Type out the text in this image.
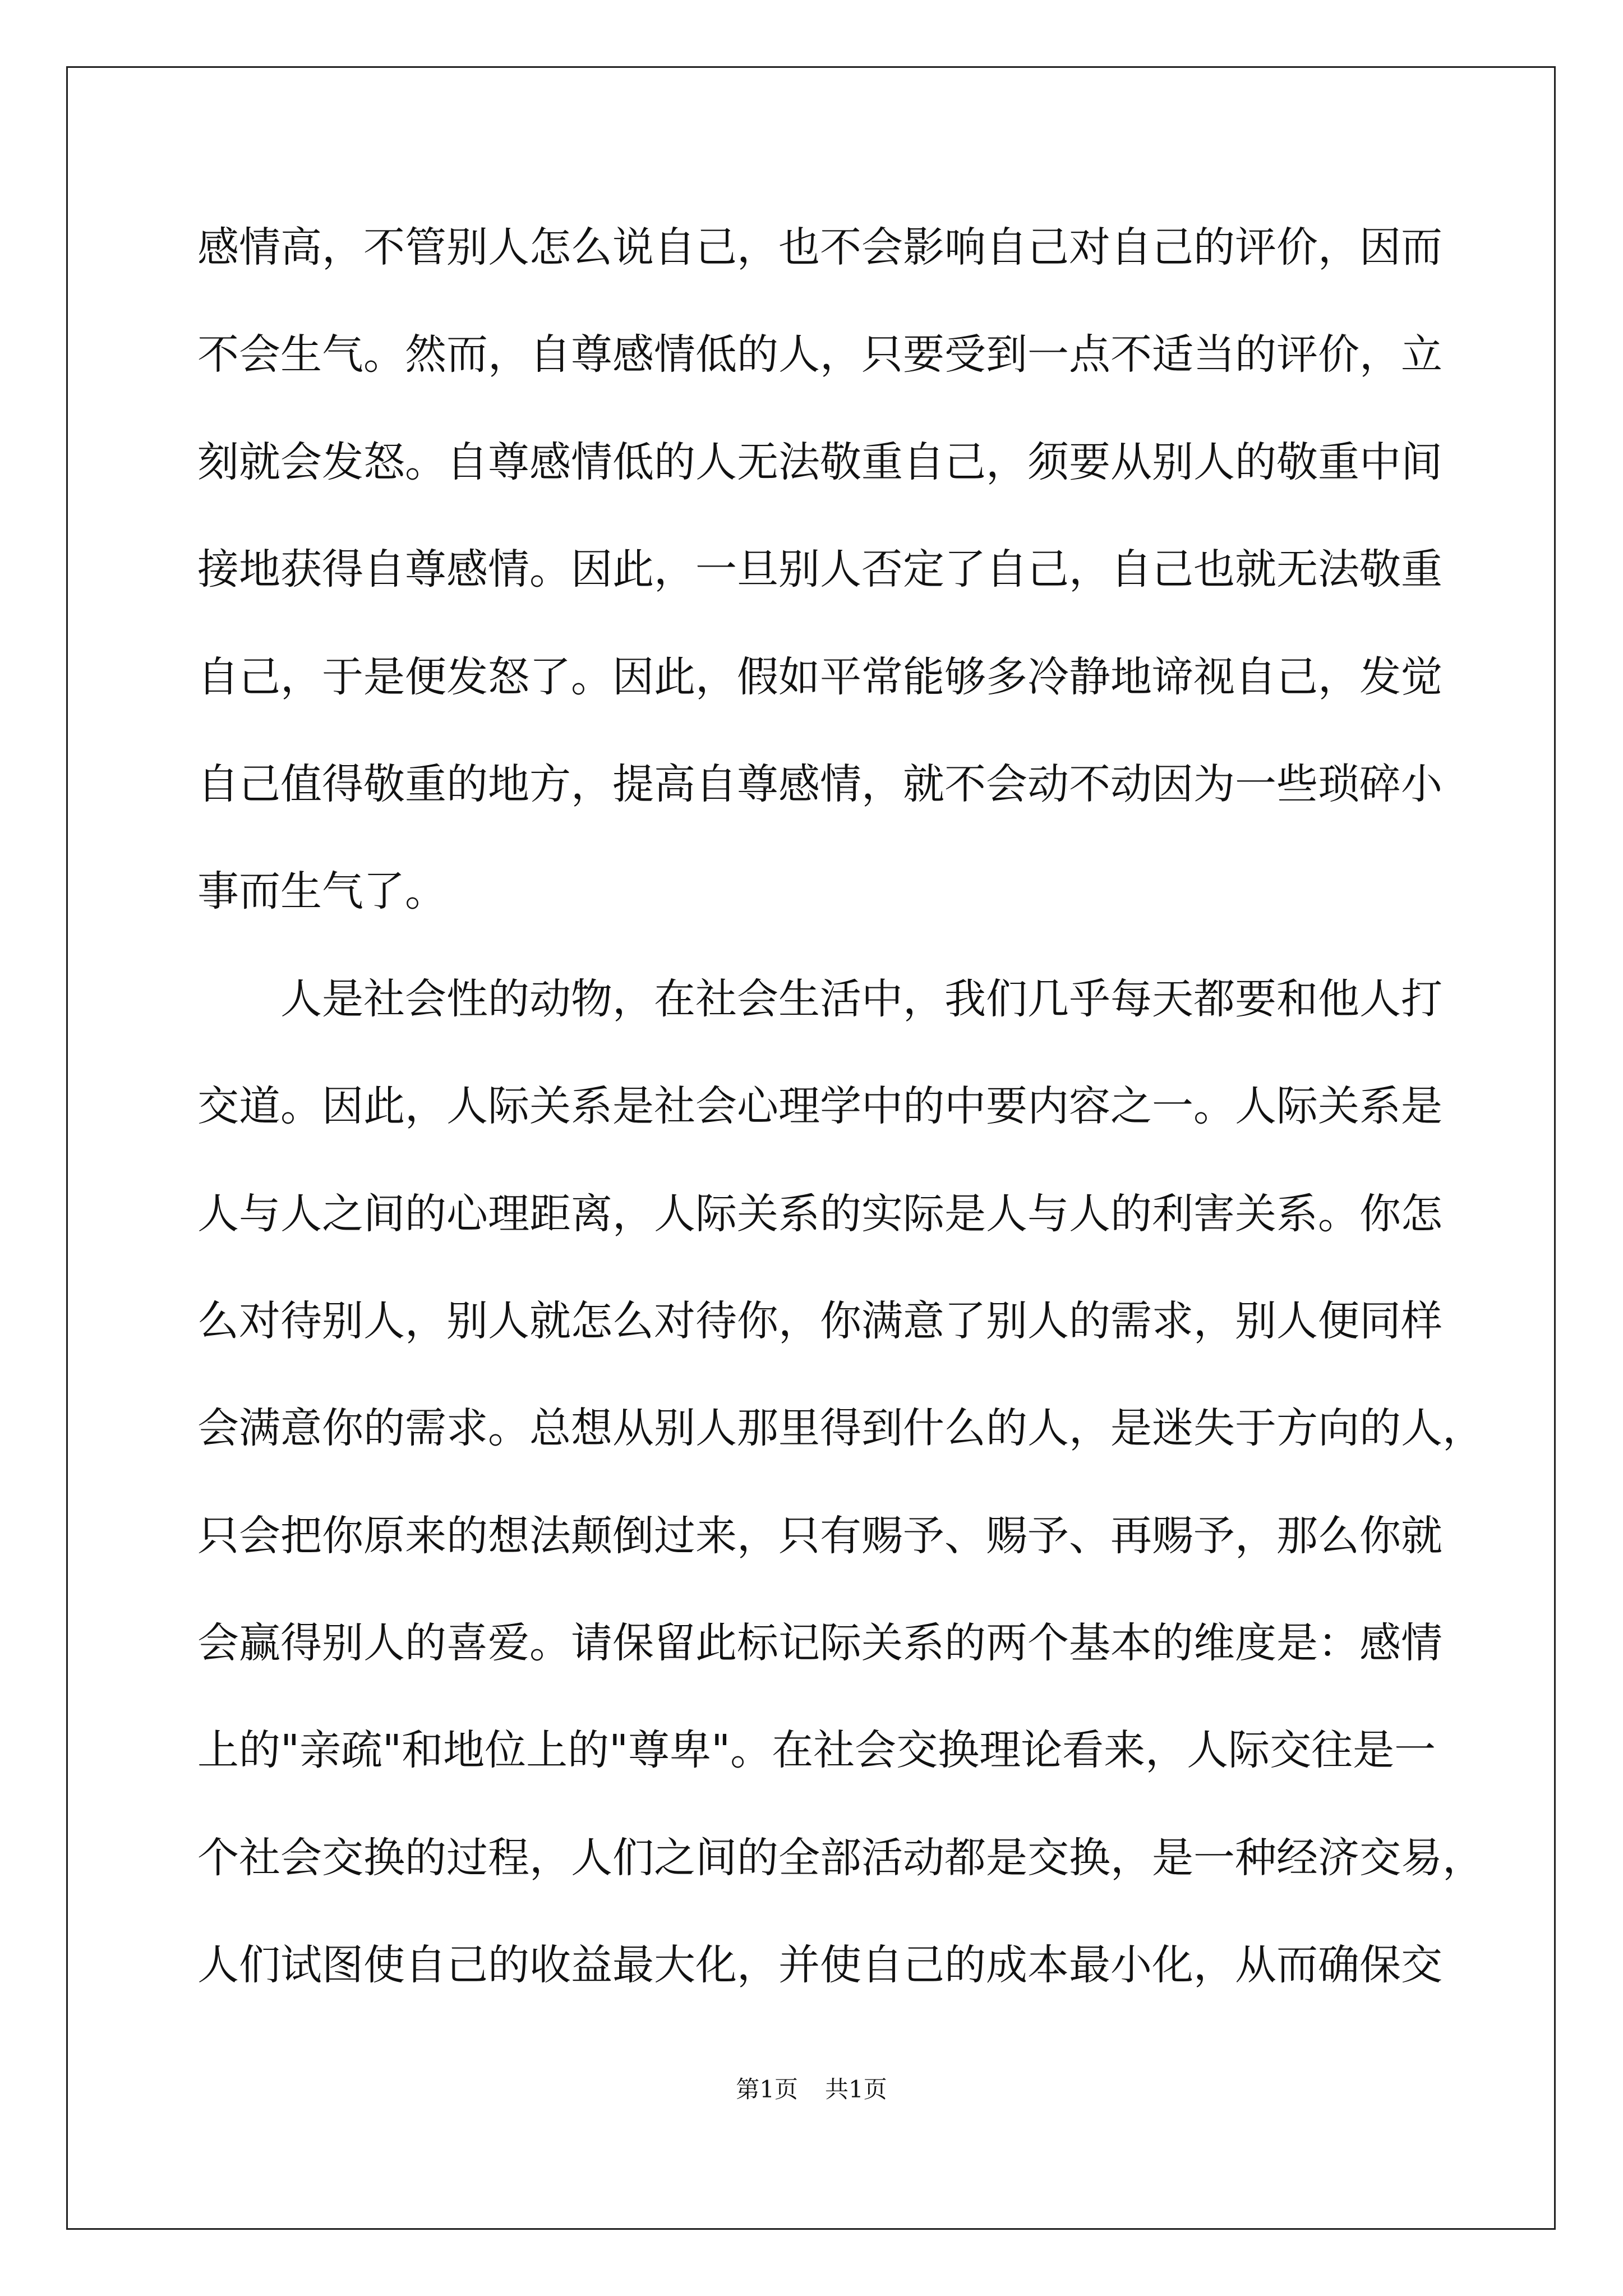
感情高，不管别人怎么说自己，也不会影响自己对自己的评价，因而
不会生气。然而，自尊感情低的人，只要受到一点不适当的评价，立
刻就会发怒。自尊感情低的人无法敬重自己，须要从别人的敬重中间
接地获得自尊感情。因此，一旦别人否定了自己，自己也就无法敬重
自己，于是便发怒了。因此，假如平常能够多冷静地谛视自己，发觉
自己值得敬重的地方，提高自尊感情，就不会动不动因为一些琐碎小
事而生气了。
人是社会性的动物，在社会生活中，我们几乎每天都要和他人打
交道。因此，人际关系是社会心理学中的中要内容之一。人际关系是
人与人之间的心理距离，人际关系的实际是人与人的利害关系。你怎
么对待别人，别人就怎么对待你，你满意了别人的需求，别人便同样
会满意你的需求。总想从别人那里得到什么的人，是迷失于方向的人，
只会把你原来的想法颠倒过来，只有赐予、赐予、再赐予，那么你就
会赢得别人的喜爱。请保留此标记际关系的两个基本的维度是：感情
上的"亲疏"和地位上的"尊卑"。在社会交换理论看来，人际交往是一
个社会交换的过程，人们之间的全部活动都是交换，是一种经济交易，
人们试图使自己的收益最大化，并使自己的成本最小化，从而确保交
第1页 共1页
